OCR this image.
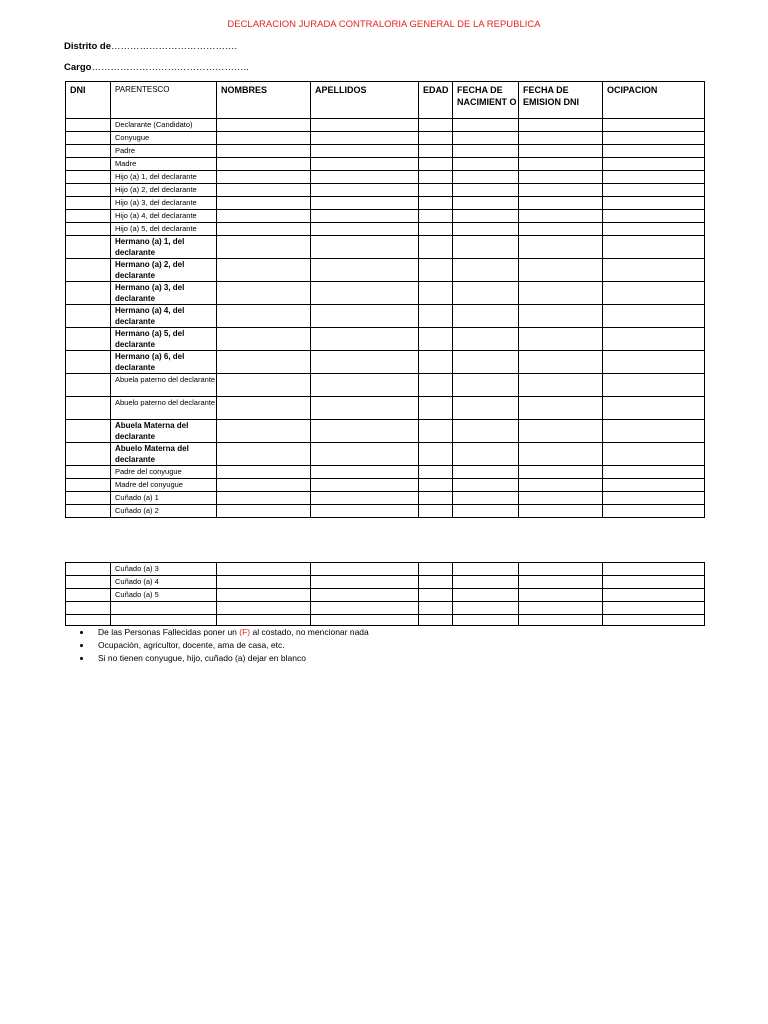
DECLARACION JURADA CONTRALORIA GENERAL DE LA REPUBLICA
Distrito de………………………………….
Cargo…………………………………………..
DNI	PARENTESCO	NOMBRES	APELLIDOS	EDAD	FECHA DE NACIMIENT O	FECHA DE EMISION DNI	OCIPACION
	Declarante (Candidato)						
	Conyugue						
	Padre						
	Madre						
	Hijo (a) 1, del declarante						
	Hijo (a) 2, del declarante						
	Hijo (a) 3, del declarante						
	Hijo (a) 4, del declarante						
	Hijo (a) 5, del declarante						
	Hermano (a) 1, del declarante						
	Hermano (a) 2, del declarante						
	Hermano (a) 3, del declarante						
	Hermano (a) 4, del declarante						
	Hermano (a) 5, del declarante						
	Hermano (a) 6, del declarante						
	Abuela paterno del declarante						
	Abuelo paterno del declarante						
	Abuela Materna del declarante						
	Abuelo Materna del declarante						
	Padre del conyugue						
	Madre del conyugue						
	Cuñado (a) 1						
	Cuñado (a) 2						
	Cuñado (a) 3						
	Cuñado (a) 4						
	Cuñado (a) 5						

De las Personas Fallecidas poner un (F) al costado, no mencionar nada
Ocupación, agricultor, docente, ama de casa, etc.
Si no tienen conyugue, hijo, cuñado (a) dejar en blanco
